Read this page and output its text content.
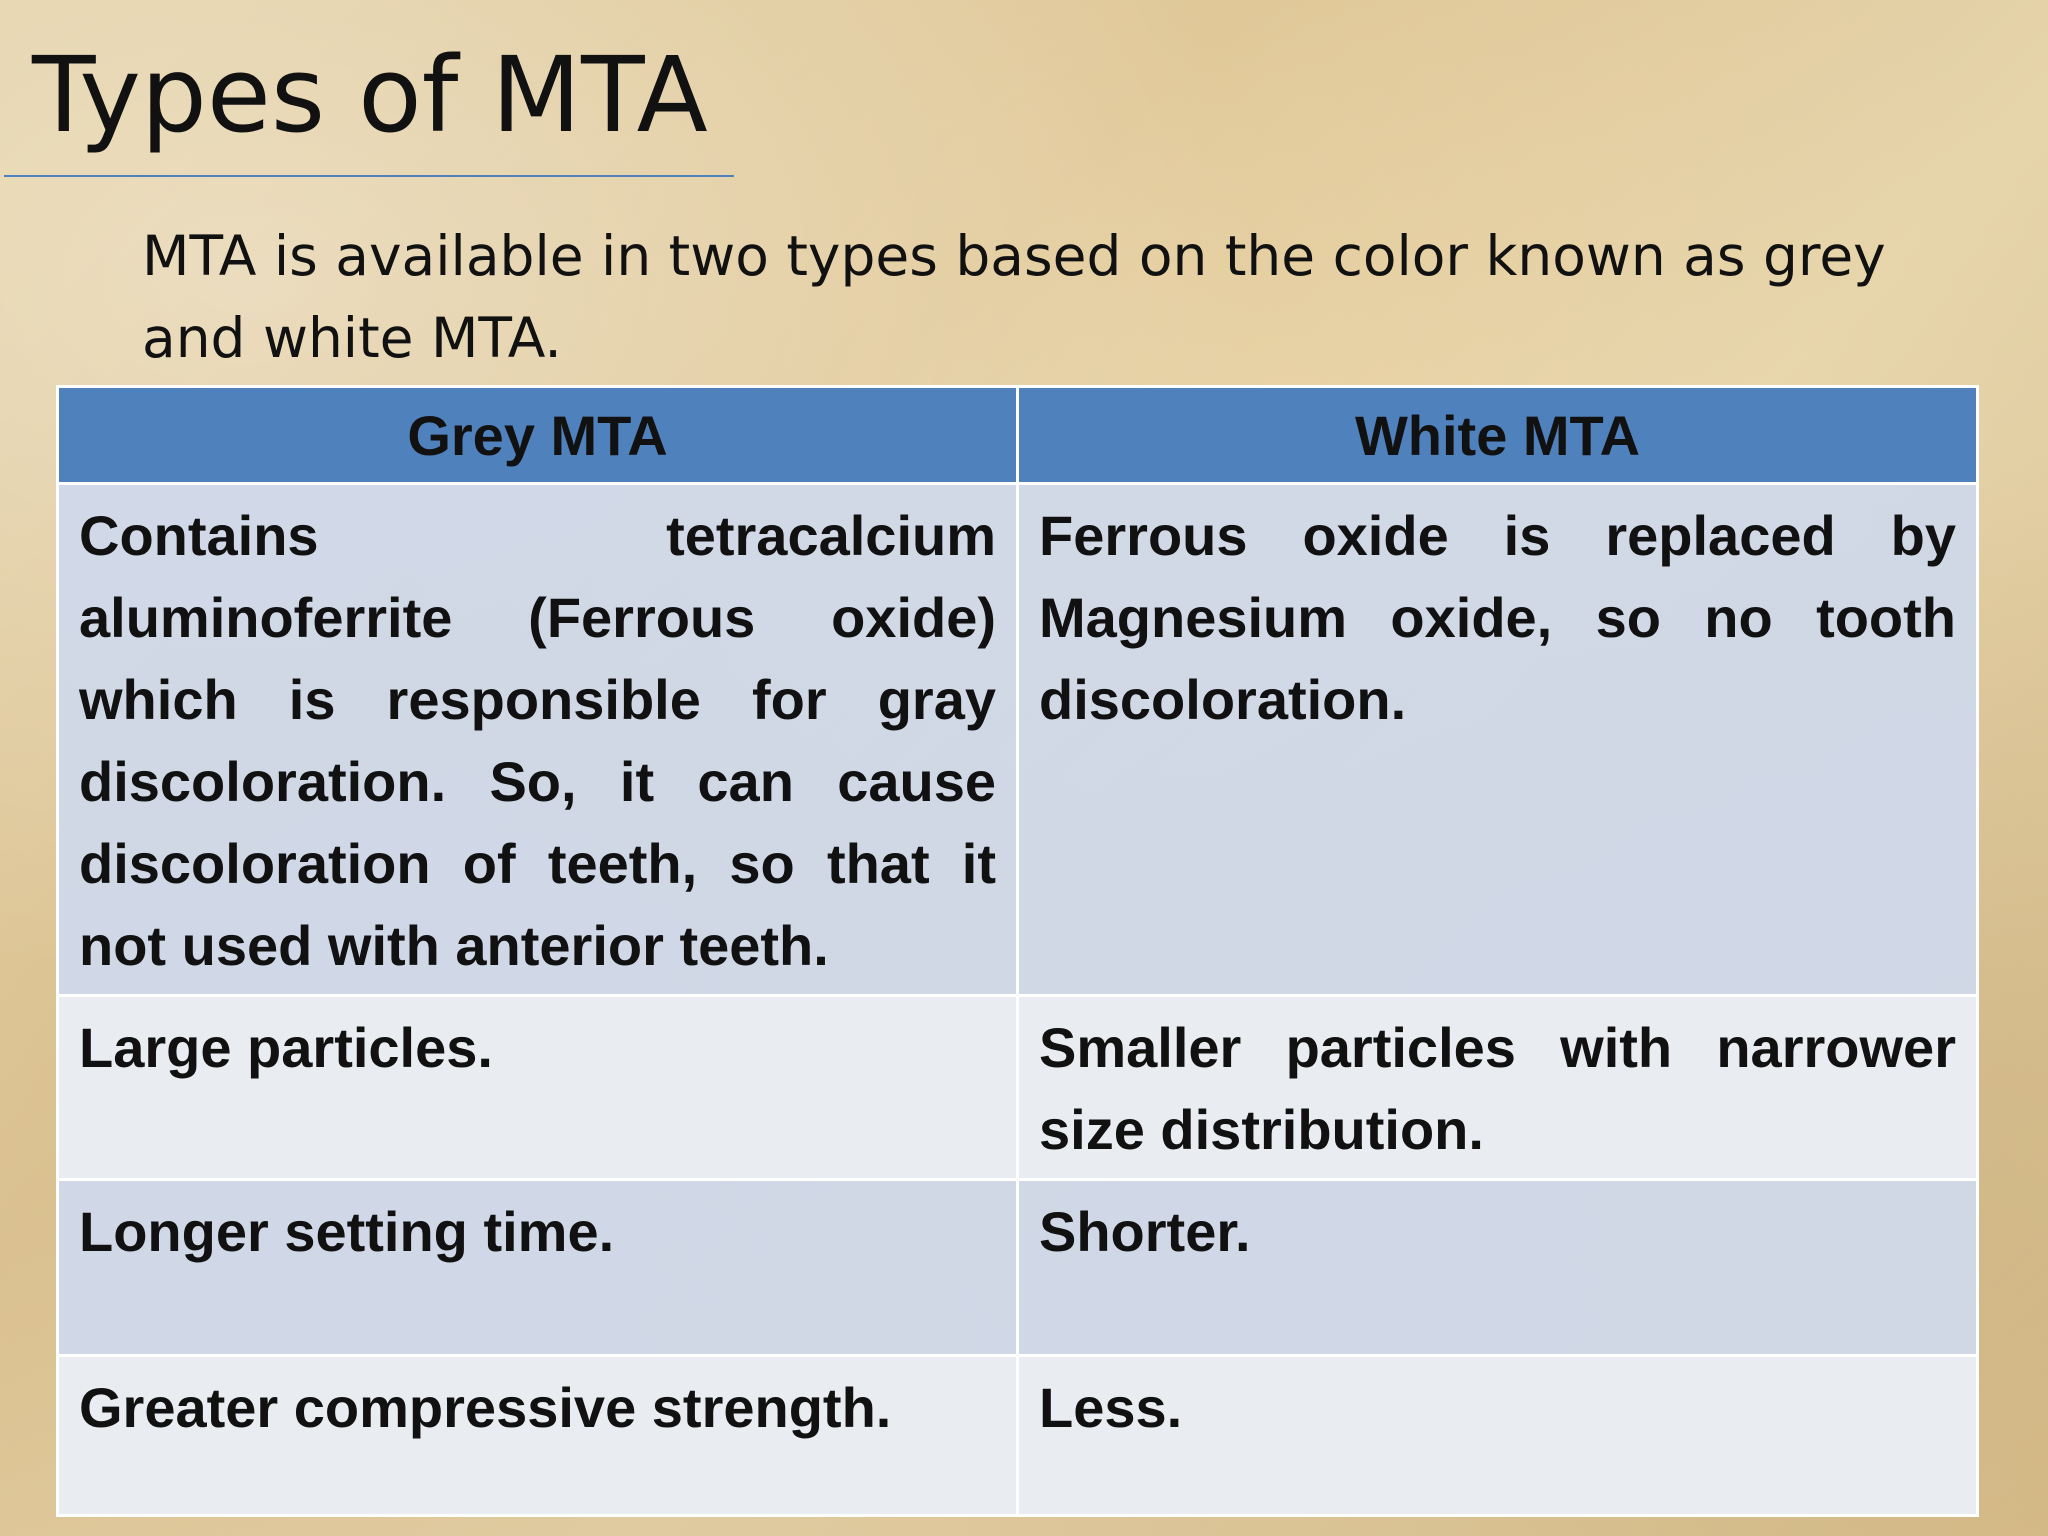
Types of MTA

MTA is available in two types based on the color known as grey and white MTA.

Grey MTA	White MTA
Contains tetracalcium aluminoferrite (Ferrous oxide) which is responsible for gray discoloration. So, it can cause discoloration of teeth, so that it not used with anterior teeth.	Ferrous oxide is replaced by Magnesium oxide, so no tooth discoloration.
Large particles.	Smaller particles with narrower size distribution.
Longer setting time.	Shorter.
Greater compressive strength.	Less.
